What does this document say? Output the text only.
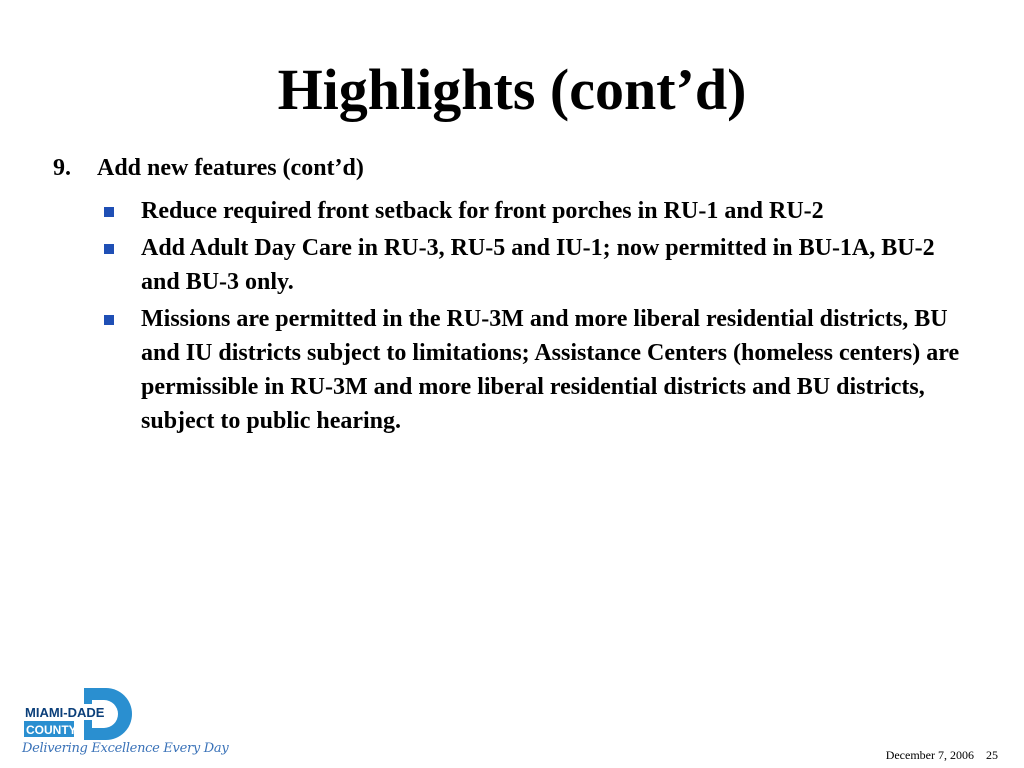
Highlights (cont’d)
9. Add new features (cont’d)
Reduce required front setback for front porches in RU-1 and RU-2
Add Adult Day Care in RU-3, RU-5 and IU-1; now permitted in BU-1A, BU-2 and BU-3 only.
Missions are permitted in the RU-3M and more liberal residential districts, BU and IU districts subject to limitations; Assistance Centers (homeless centers) are permissible in RU-3M and more liberal residential districts and BU districts, subject to public hearing.
MIAMI-DADE
COUNTY
Delivering Excellence Every Day	December 7, 2006 25
